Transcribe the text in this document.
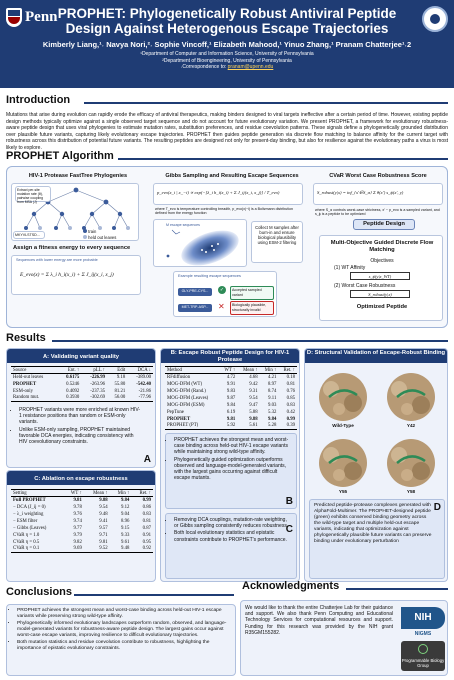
Penn PROPHET: Phylogenetically Robust Antiviral Peptide
Design Against Heterogenous Escape Trajectories
Kimberly Liang,¹˒ Navya Nori,²˒ Sophie Vincoff,¹ Elizabeth Mahood,¹ Yinuo Zhang,¹ Pranam Chatterjee¹˒2
¹Department of Computer and Information Science, University of Pennsylvania
²Department of Bioengineering, University of Pennsylvania
˒Correspondence to: pranam@upenn.edu
Introduction
Mutations that arise during evolution can rapidly erode the efficacy of antiviral therapeutics, making binders designed to viral targets ineffective after a certain period of time. However, existing peptide design methods typically optimize against a single observed target sequence and do not account for future evolutionary variation. We present PROPHET, a framework for evolutionary robustness-aware peptide design that uses viral phylogenies to estimate mutation rates, substitution preferences, and residue coevolution patterns. These signals define a phylogenetically grounded distribution over plausible future variants, capturing likely evolutionary escape trajectories. PROPHET then guides peptide generation via discrete flow matching to balance affinity for the current target with robustness across this distribution of potential future variants. The resulting peptides are designed not only for present-day binding, but also for resilience against the evolutionary paths a virus is most likely to explore.
PROPHET Algorithm
HIV-1 Protease FastTree Phylogenies
Extract per-site mutation rate (θ), pairwise coupling from MSA (J)
MKYVLSTSD...
train
held out leaves
Assign a fitness energy to every sequence
Sequences with lower energy are more probable
E_evo(x) = Σ λ_i h_i(x_i) + Σ J_ij(x_i, x_j)
Gibbs Sampling and Resulting Escape Sequences
p_evo(x_i | x_−i) ∝ exp(−[λ_i h_i(x_i) + Σ J_ij(x_i, x_j)] / T_evo)
where T_evo is temperature controlling breadth, p_evo(x|−i) is a Boltzmann distribution defined from the energy function
M escape sequences	Collect M samples after burn-in and ensure biological plausibility using ESM-2 filtering
Example resulting escape sequences
GLY-PRE-CYS...
MET-TRP-ASP...
✓
✕
Accepted sampled variant
Biologically plausible, structurally invalid
CVaR Worst Case Robustness Score
S_robust(y|x) = inf_{x′∈S_α} Σ θ(x′) s_ϕ(x′, y)
where S_α controls worst-case strictness, x′ ~ p_evo is a sampled variant, and s_ϕ is a peptide to be optimized
Peptide Design
Multi-Objective Guided Discrete Flow Matching
Objectives
(1) WT Affinity
s_ϕ(y|x_WT)
(2) Worst Case Robustness
S_robust(y|x)
Optimized Peptide
Results
A: Validating variant quality
Source	Ent. ↑	pLL ↑	Edit	DCA ↓
Held-out leaves	0.6175	-226.99	9.18	-389.00
PROPHET	0.5246	-263.96	55.80	-542.40
ESM-only	0.4092	-237.35	81.21	-21.86
Random mut.	0.3930	-302.69	56.00	-77.96
• PROPHET variants were more enriched at known HIV-1 resistance positions than random or ESM-only variants.
• Unlike ESM-only sampling, PROPHET maintained favorable DCA energies, indicating consistency with HIV coevolutionary constraints.
A
C: Ablation on escape robustness
Setting	WT ↑	Mean ↑	Min ↑	Ret. ↑
Full PROPHET	9.81	9.88	9.84	0.99
− DCA (J_ij = 0)	9.78	9.54	9.12	0.86
− λ_i weighting	9.76	9.48	9.04	0.83
− ESM filter	9.74	9.41	8.96	0.81
− Gibbs (Leaves)	9.77	9.57	9.15	0.87
CVaR η = 1.0	9.79	9.71	9.33	0.91
CVaR η = 0.5	9.82	9.81	9.61	0.95
CVaR η = 0.1	9.69	9.52	9.48	0.92
B: Escape Robust Peptide Design for HIV-1 Protease
Method	WT ↑	Mean ↑	Min ↑	Ret. ↑
RFdiffusion	4.72	4.68	4.21	0.18
MOG-DFM (WT)	9.91	9.42	8.97	0.81
MOG-DFM (Rand.)	9.83	9.31	8.74	0.76
MOG-DFM (Leaves)	9.87	9.54	9.11	0.85
MOG-DFM (ESM)	9.84	9.47	9.03	0.83
PepTune	6.19	5.88	5.32	0.42
PROPHET	9.81	9.88	9.84	0.99
PROPHET (PT)	5.92	5.61	5.28	0.39
• PROPHET achieves the strongest mean and worst-case binding across held-out HIV-1 escape variants while maintaining strong wild-type affinity.
• Phylogenetically guided optimization outperforms observed and language-model-generated variants, with the largest gains occurring against difficult escape mutants.
B
• Removing DCA couplings, mutation-rate weighting, or Gibbs sampling consistently reduces robustness.
• Both local evolutionary statistics and epistatic constraints contribute to PROPHET's performance.
C
D: Structural Validation of Escape-Robust Binding
Wild-Type	Y42
Y55	Y58
Predicted peptide-protease complexes generated with AlphaFold-Multimer. The PROPHET-designed peptide (green) exhibits conserved binding geometry across the wild-type target and multiple held-out escape variants, indicating that optimization against phylogenetically plausible future variants can preserve binding under evolutionary perturbation
D
Conclusions
• PROPHET achieves the strongest mean and worst-case binding across held-out HIV-1 escape variants while preserving strong wild-type affinity.
• Phylogenetically informed evolutionary landscapes outperform random, observed, and language-model-generated variants for robustness-aware peptide design. The largest gains occur against worst-case escape variants, improving resilience to difficult evolutionary trajectories.
• Both mutation statistics and residue coevolution contribute to robustness, highlighting the importance of epistatic evolutionary constraints.
Acknowledgments
We would like to thank the entire Chatterjee Lab for their guidance and support. We also thank Penn Computing and Educational Technology Services for computational resources and support. Funding for this research was provided by the NIH grant R35GM155282.
NIH
NIGMS
Programmable Biology Group
